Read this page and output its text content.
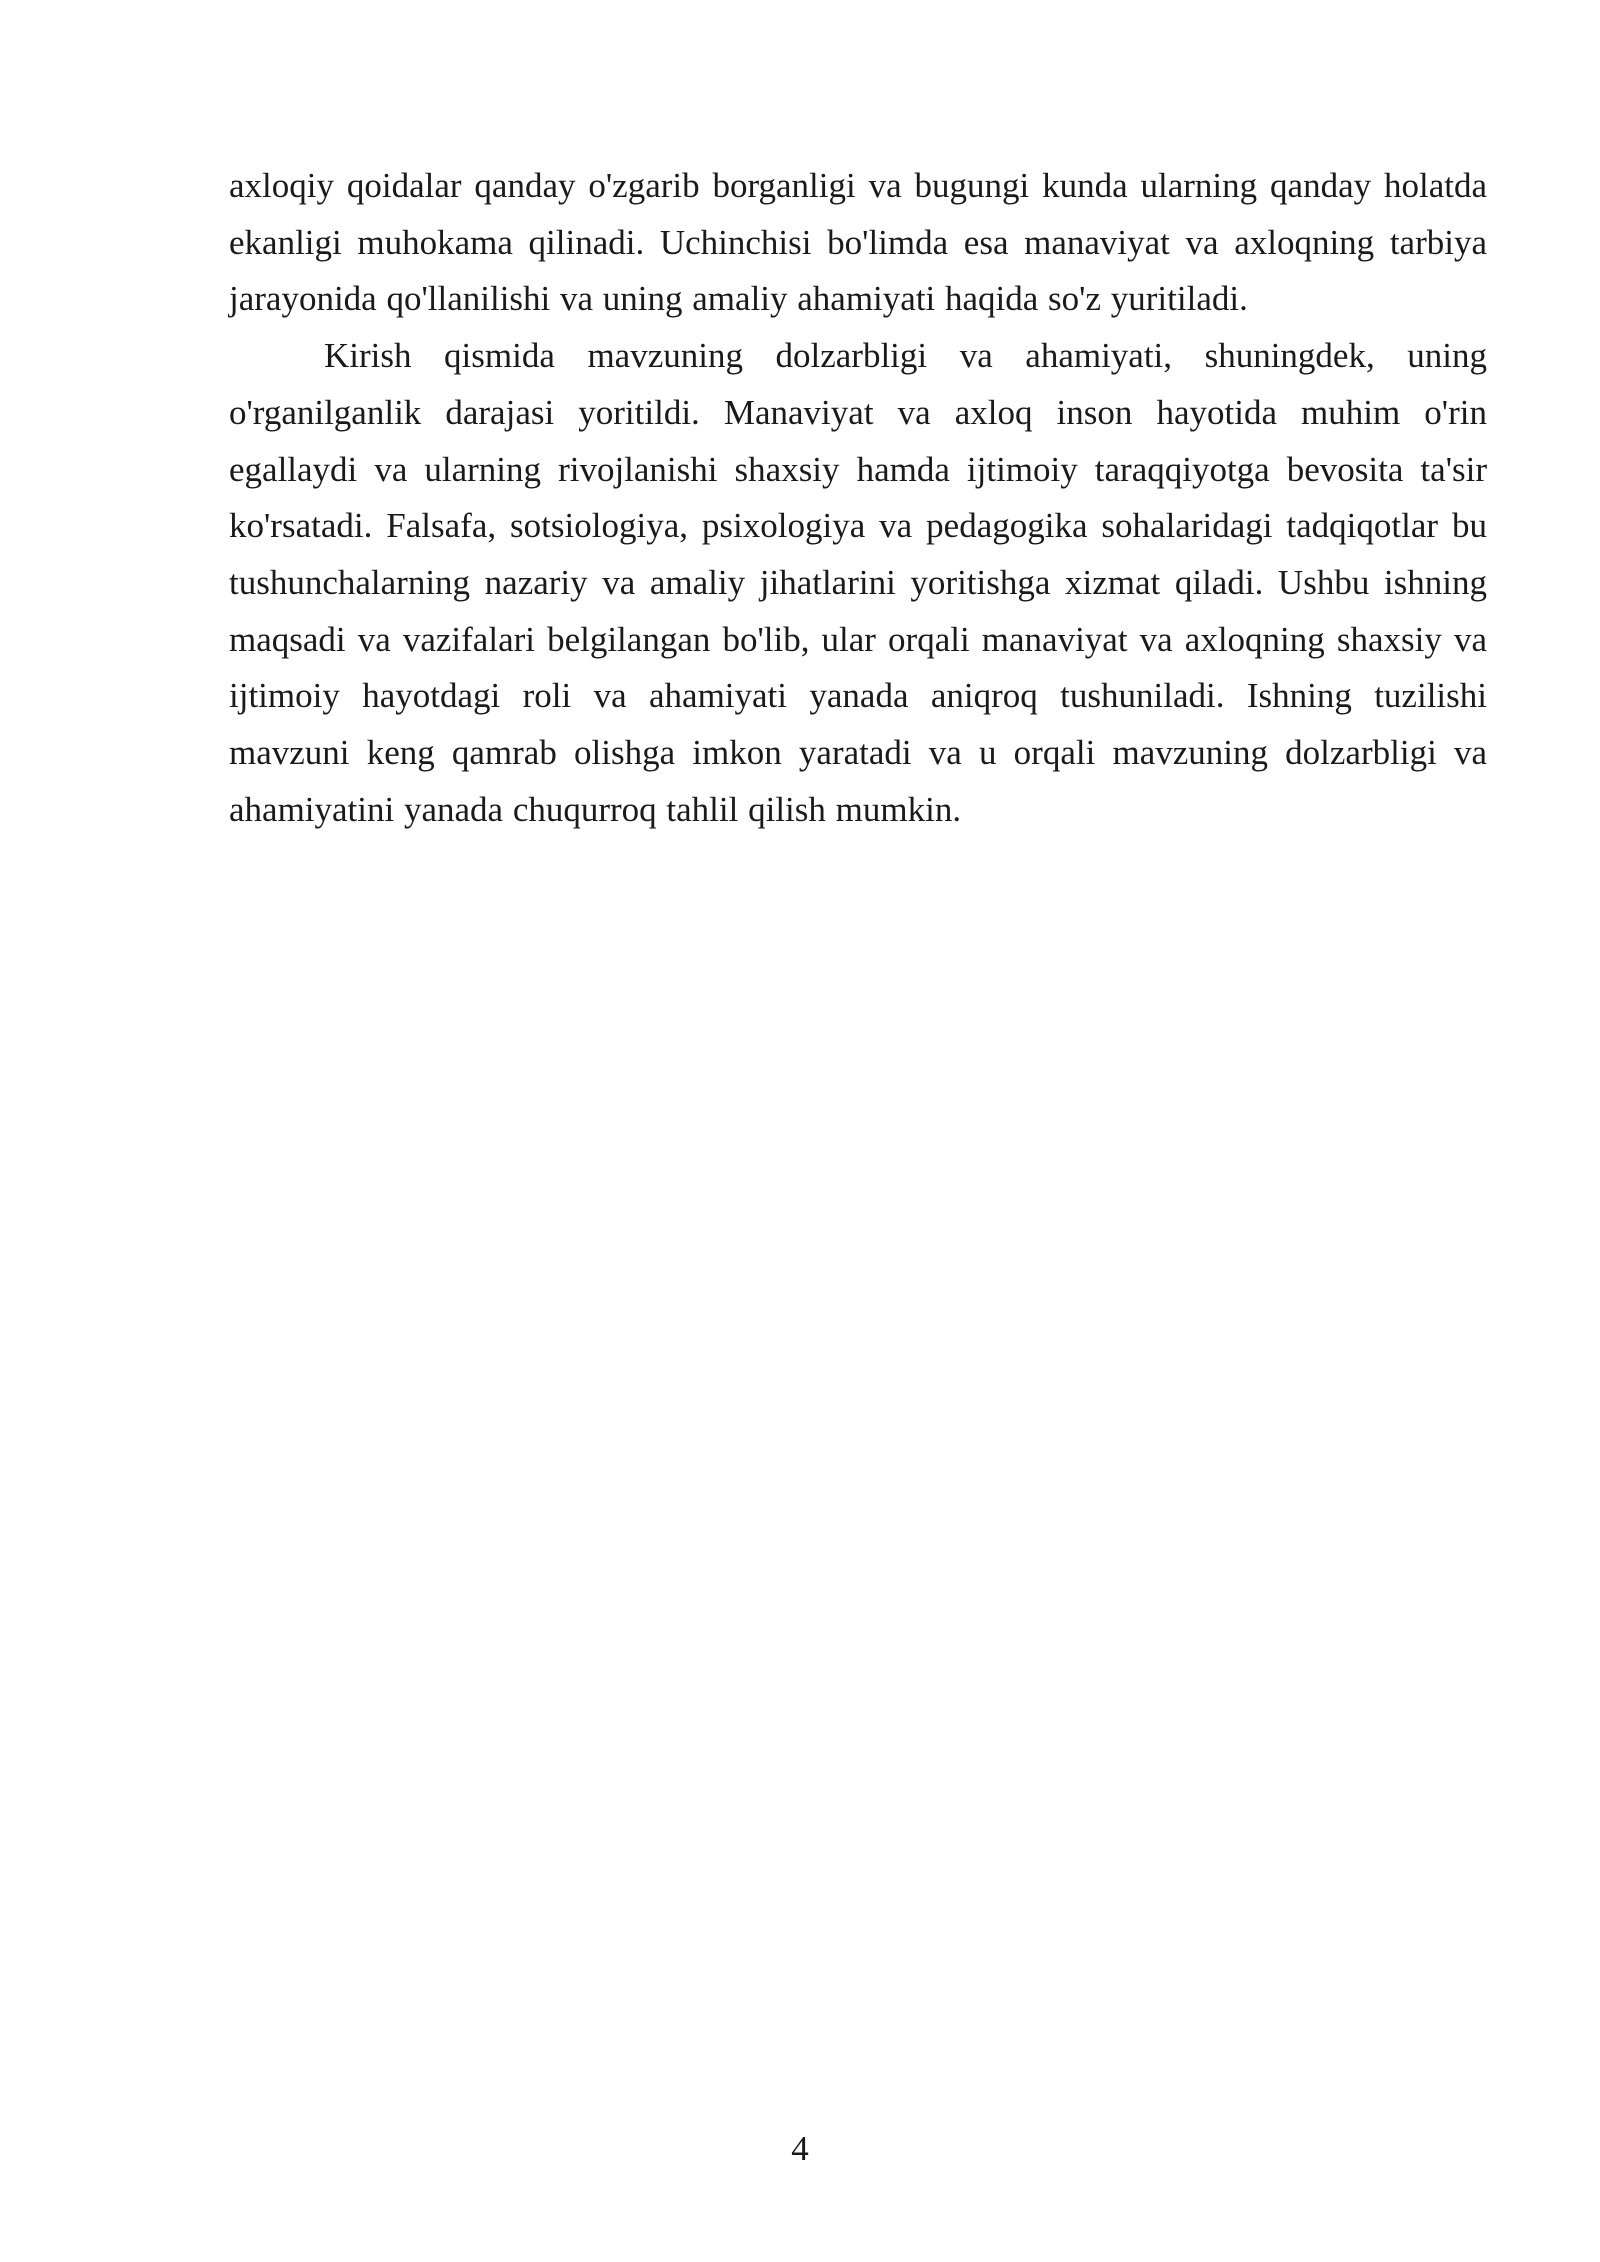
axloqiy qoidalar qanday o'zgarib borganligi va bugungi kunda ularning qanday holatda ekanligi muhokama qilinadi. Uchinchisi bo'limda esa manaviyat va axloqning tarbiya jarayonida qo'llanilishi va uning amaliy ahamiyati haqida so'z yuritiladi.

Kirish qismida mavzuning dolzarbligi va ahamiyati, shuningdek, uning o'rganilganlik darajasi yoritildi. Manaviyat va axloq inson hayotida muhim o'rin egallaydi va ularning rivojlanishi shaxsiy hamda ijtimoiy taraqqiyotga bevosita ta'sir ko'rsatadi. Falsafa, sotsiologiya, psixologiya va pedagogika sohalaridagi tadqiqotlar bu tushunchalarning nazariy va amaliy jihatlarini yoritishga xizmat qiladi. Ushbu ishning maqsadi va vazifalari belgilangan bo'lib, ular orqali manaviyat va axloqning shaxsiy va ijtimoiy hayotdagi roli va ahamiyati yanada aniqroq tushuniladi. Ishning tuzilishi mavzuni keng qamrab olishga imkon yaratadi va u orqali mavzuning dolzarbligi va ahamiyatini yanada chuqurroq tahlil qilish mumkin.

4
